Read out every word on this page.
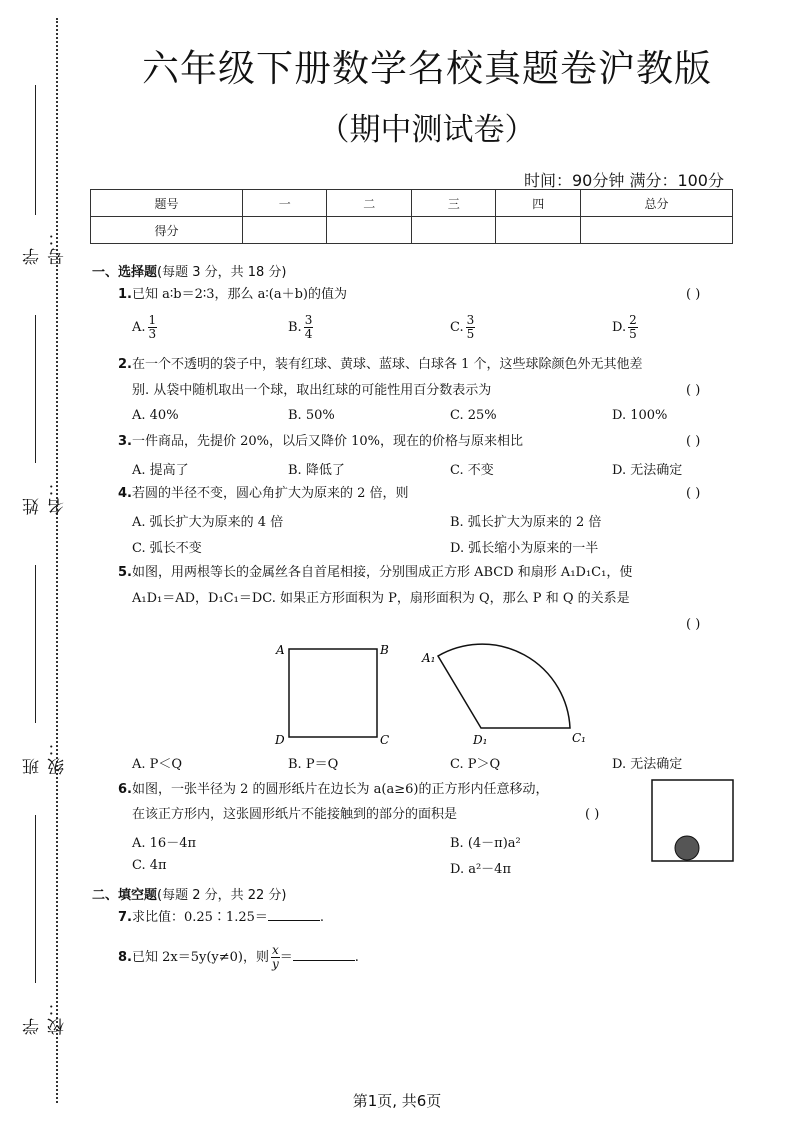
学号：
姓名：
班级：
学校：
六年级下册数学名校真题卷沪教版
（期中测试卷）
时间：90分钟 满分：100分
题号	一	二	三	四	总分
得分					
一、选择题(每题 3 分，共 18 分)
1.已知 a∶b＝2∶3，那么 a∶(a＋b)的值为	( )
A. $\frac{1}{3}$	B. $\frac{3}{4}$	C. $\frac{3}{5}$	D. $\frac{2}{5}$
2.在一个不透明的袋子中，装有红球、黄球、蓝球、白球各 1 个，这些球除颜色外无其他差
别. 从袋中随机取出一个球，取出红球的可能性用百分数表示为	( )
A. 40%	B. 50%	C. 25%	D. 100%
3.一件商品，先提价 20%，以后又降价 10%，现在的价格与原来相比	( )
A. 提高了	B. 降低了	C. 不变	D. 无法确定
4.若圆的半径不变，圆心角扩大为原来的 2 倍，则	( )
A. 弧长扩大为原来的 4 倍	B. 弧长扩大为原来的 2 倍
C. 弧长不变	D. 弧长缩小为原来的一半
5.如图，用两根等长的金属丝各自首尾相接，分别围成正方形 ABCD 和扇形 A₁D₁C₁，使
A₁D₁＝AD，D₁C₁＝DC. 如果正方形面积为 P，扇形面积为 Q，那么 P 和 Q 的关系是
( )
A	B
C
D
A₁
D₁	C₁
A. P＜Q	B. P＝Q	C. P＞Q	D. 无法确定
6.如图，一张半径为 2 的圆形纸片在边长为 a(a≥6)的正方形内任意移动，
在该正方形内，这张圆形纸片不能接触到的部分的面积是	( )
A. 16－4π	B. (4－π)a²
C. 4π	D. a²－4π
二、填空题(每题 2 分，共 22 分)
7.求比值：0.25∶1.25＝	.
8.已知 2x＝5y(y≠0)，则 $\frac{x}{y}$ ＝	.
第1页, 共6页
